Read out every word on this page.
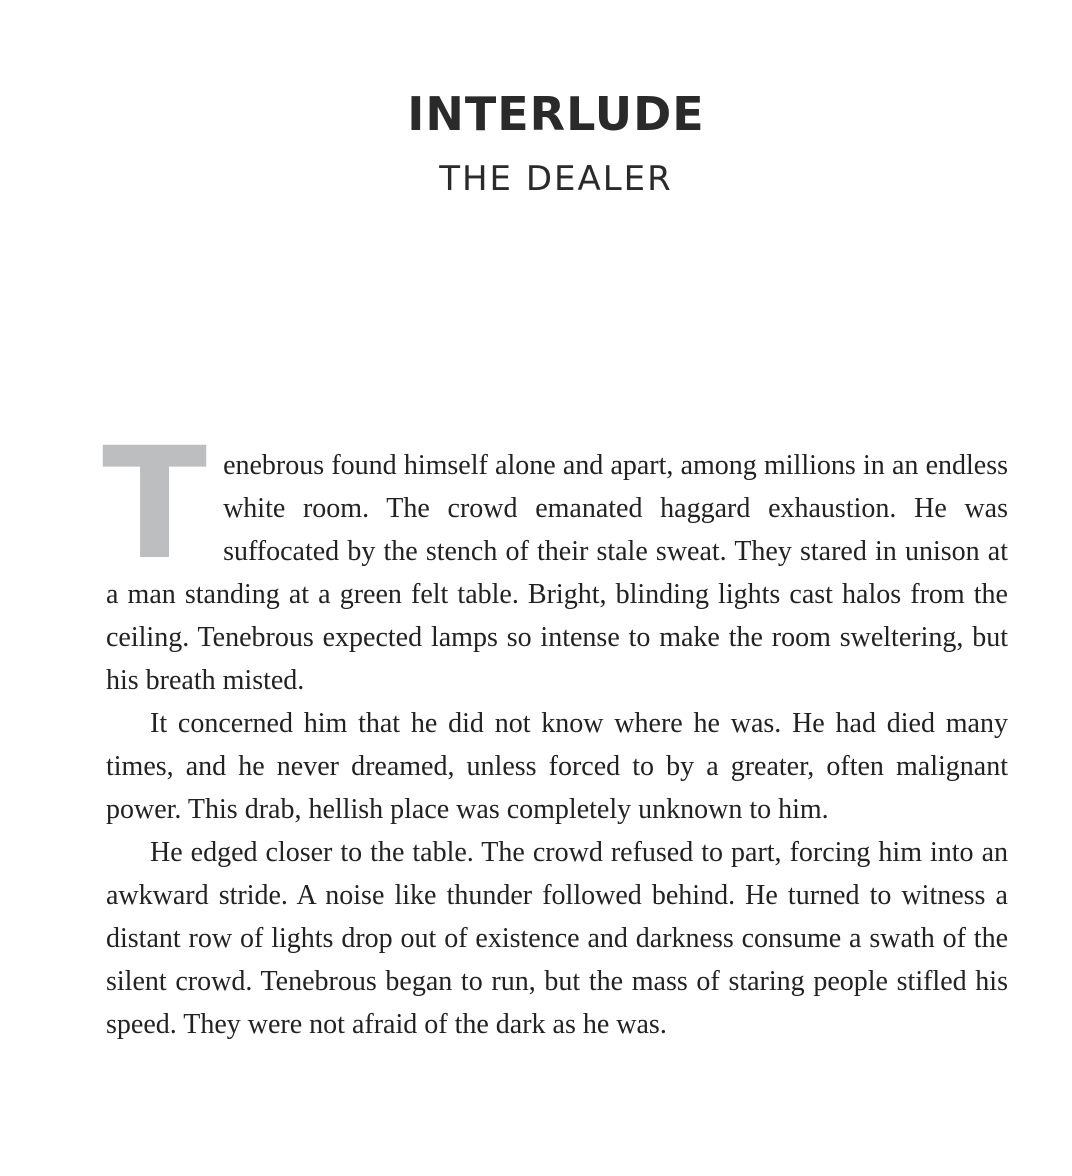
INTERLUDE
THE DEALER

Tenebrous found himself alone and apart, among millions in an endless white room. The crowd emanated haggard exhaustion. He was suffocated by the stench of their stale sweat. They stared in unison at a man standing at a green felt table. Bright, blinding lights cast halos from the ceiling. Tenebrous expected lamps so intense to make the room sweltering, but his breath misted.

It concerned him that he did not know where he was. He had died many times, and he never dreamed, unless forced to by a greater, often malignant power. This drab, hellish place was completely unknown to him.

He edged closer to the table. The crowd refused to part, forcing him into an awkward stride. A noise like thunder followed behind. He turned to witness a distant row of lights drop out of existence and darkness consume a swath of the silent crowd. Tenebrous began to run, but the mass of staring people stifled his speed. They were not afraid of the dark as he was.
